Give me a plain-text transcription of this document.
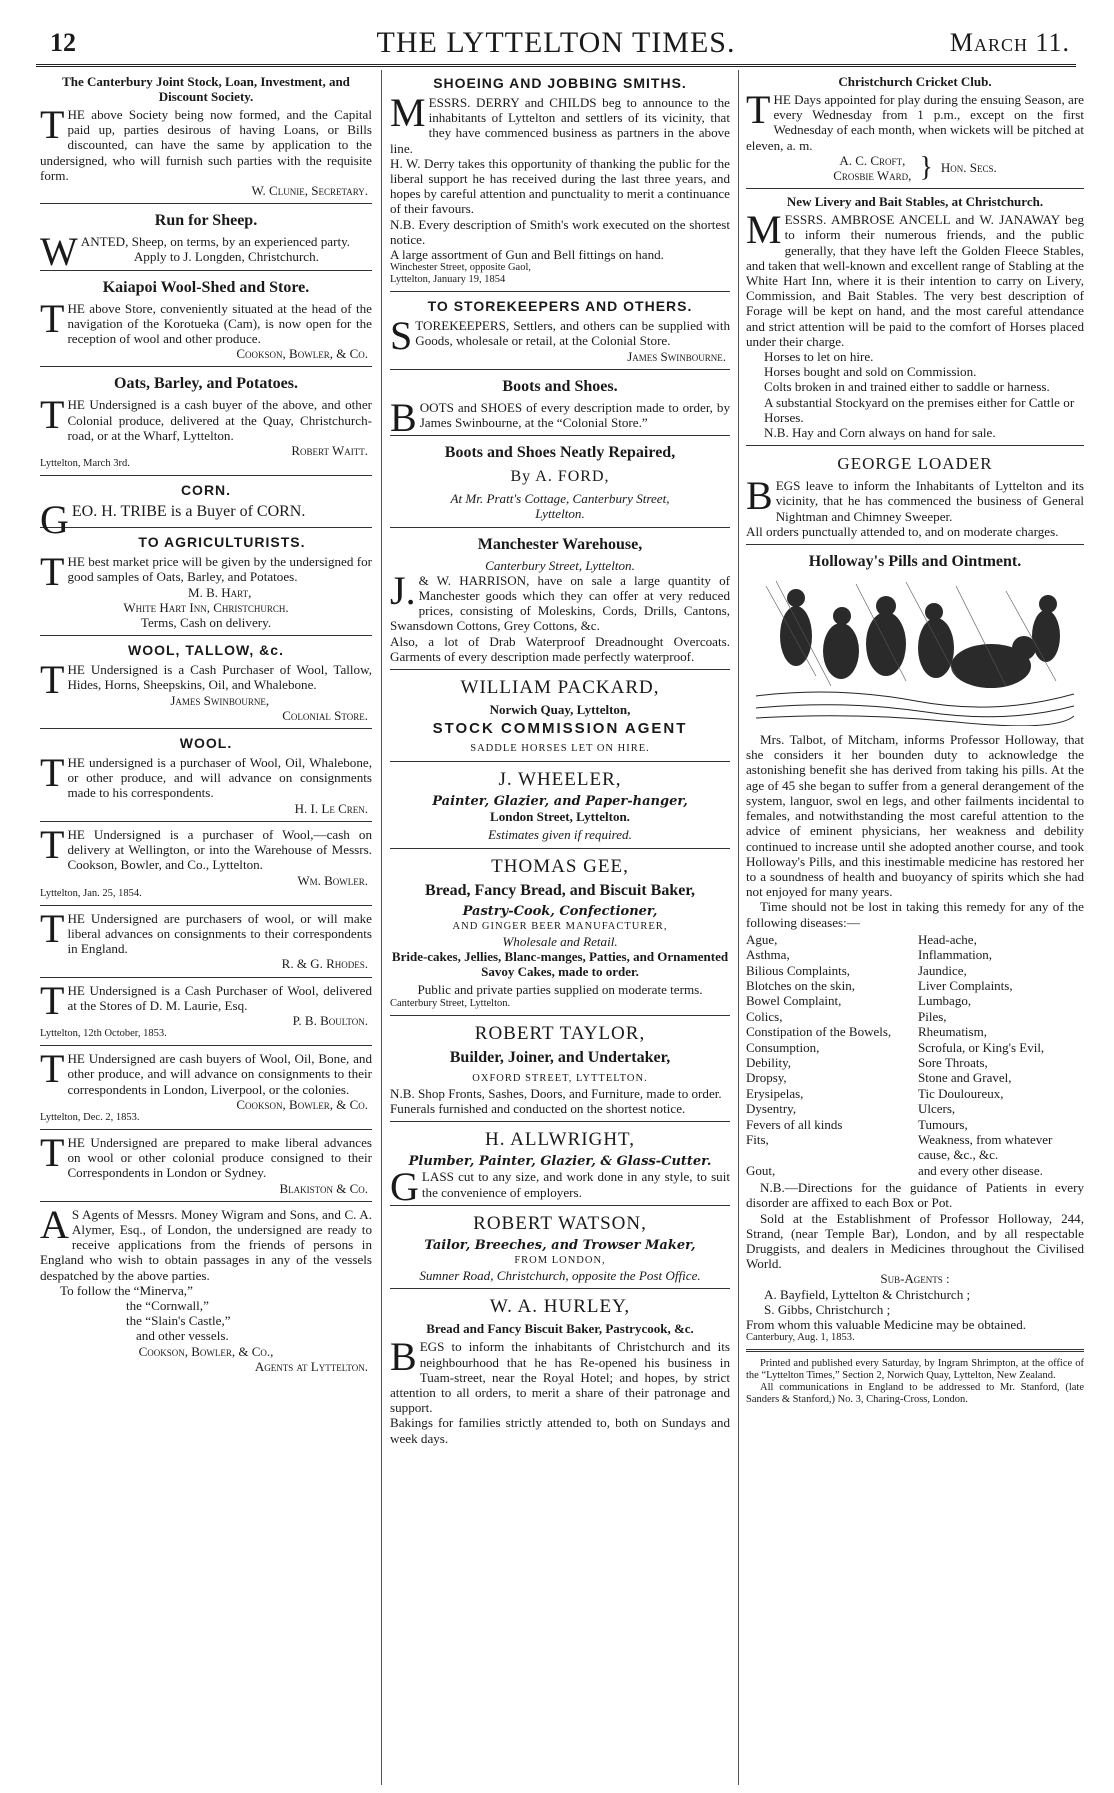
12	THE LYTTELTON TIMES.	March 11.
The Canterbury Joint Stock, Loan, Investment, and Discount Society.
THE above Society being now formed, and the Capital paid up, parties desirous of having Loans, or Bills discounted, can have the same by application to the undersigned, who will furnish such parties with the requisite form.
W. Clunie, Secretary.
Run for Sheep.
WANTED, Sheep, on terms, by an experienced party.
Apply to J. Longden, Christchurch.
Kaiapoi Wool-Shed and Store.
THE above Store, conveniently situated at the head of the navigation of the Korotueka (Cam), is now open for the reception of wool and other produce.
Cookson, Bowler, & Co.
Oats, Barley, and Potatoes.
THE Undersigned is a cash buyer of the above, and other Colonial produce, delivered at the Quay, Christchurch-road, or at the Wharf, Lyttelton.
Robert Waitt.
Lyttelton, March 3rd.
CORN.
GEO. H. TRIBE is a Buyer of CORN.
TO AGRICULTURISTS.
THE best market price will be given by the undersigned for good samples of Oats, Barley, and Potatoes.
M. B. Hart,
White Hart Inn, Christchurch.
Terms, Cash on delivery.
WOOL, TALLOW, &c.
THE Undersigned is a Cash Purchaser of Wool, Tallow, Hides, Horns, Sheepskins, Oil, and Whalebone.
James Swinbourne,
Colonial Store.
WOOL.
THE undersigned is a purchaser of Wool, Oil, Whalebone, or other produce, and will advance on consignments made to his correspondents.
H. I. Le Cren.
THE Undersigned is a purchaser of Wool,—cash on delivery at Wellington, or into the Warehouse of Messrs. Cookson, Bowler, and Co., Lyttelton.
Wm. Bowler.
Lyttelton, Jan. 25, 1854.
THE Undersigned are purchasers of wool, or will make liberal advances on consignments to their correspondents in England.
R. & G. Rhodes.
THE Undersigned is a Cash Purchaser of Wool, delivered at the Stores of D. M. Laurie, Esq.
P. B. Boulton.
Lyttelton, 12th October, 1853.
THE Undersigned are cash buyers of Wool, Oil, Bone, and other produce, and will advance on consignments to their correspondents in London, Liverpool, or the colonies.
Cookson, Bowler, & Co.
Lyttelton, Dec. 2, 1853.
THE Undersigned are prepared to make liberal advances on wool or other colonial produce consigned to their Correspondents in London or Sydney.
Blakiston & Co.
AS Agents of Messrs. Money Wigram and Sons, and C. A. Alymer, Esq., of London, the undersigned are ready to receive applications from the friends of persons in England who wish to obtain passages in any of the vessels despatched by the above parties.
To follow the “Minerva,”
the “Cornwall,”
the “Slain's Castle,”
and other vessels.
Cookson, Bowler, & Co.,
Agents at Lyttelton.
SHOEING AND JOBBING SMITHS.
MESSRS. DERRY and CHILDS beg to announce to the inhabitants of Lyttelton and settlers of its vicinity, that they have commenced business as partners in the above line.
H. W. Derry takes this opportunity of thanking the public for the liberal support he has received during the last three years, and hopes by careful attention and punctuality to merit a continuance of their favours.
N.B. Every description of Smith's work executed on the shortest notice.
A large assortment of Gun and Bell fittings on hand.
Winchester Street, opposite Gaol,
Lyttelton, January 19, 1854
TO STOREKEEPERS AND OTHERS.
STOREKEEPERS, Settlers, and others can be supplied with Goods, wholesale or retail, at the Colonial Store.
James Swinbourne.
Boots and Shoes.
BOOTS and SHOES of every description made to order, by James Swinbourne, at the “Colonial Store.”
Boots and Shoes Neatly Repaired,
By A. FORD,
At Mr. Pratt's Cottage, Canterbury Street,
Lyttelton.
Manchester Warehouse,
Canterbury Street, Lyttelton.
J.& W. HARRISON, have on sale a large quantity of Manchester goods which they can offer at very reduced prices, consisting of Moleskins, Cords, Drills, Cantons, Swansdown Cottons, Grey Cottons, &c.
Also, a lot of Drab Waterproof Dreadnought Overcoats. Garments of every description made perfectly waterproof.
WILLIAM PACKARD,
Norwich Quay, Lyttelton,
STOCK COMMISSION AGENT
SADDLE HORSES LET ON HIRE.
J. WHEELER,
Painter, Glazier, and Paper-hanger,
London Street, Lyttelton.
Estimates given if required.
THOMAS GEE,
Bread, Fancy Bread, and Biscuit Baker,
Pastry-Cook, Confectioner,
AND GINGER BEER MANUFACTURER,
Wholesale and Retail.
Bride-cakes, Jellies, Blanc-manges, Patties, and Ornamented Savoy Cakes, made to order.
Public and private parties supplied on moderate terms.
Canterbury Street, Lyttelton.
ROBERT TAYLOR,
Builder, Joiner, and Undertaker,
OXFORD STREET, LYTTELTON.
N.B. Shop Fronts, Sashes, Doors, and Furniture, made to order.
Funerals furnished and conducted on the shortest notice.
H. ALLWRIGHT,
Plumber, Painter, Glazier, & Glass-Cutter.
GLASS cut to any size, and work done in any style, to suit the convenience of employers.
ROBERT WATSON,
Tailor, Breeches, and Trowser Maker,
FROM LONDON,
Sumner Road, Christchurch, opposite the Post Office.
W. A. HURLEY,
Bread and Fancy Biscuit Baker, Pastrycook, &c.
BEGS to inform the inhabitants of Christchurch and its neighbourhood that he has Re-opened his business in Tuam-street, near the Royal Hotel; and hopes, by strict attention to all orders, to merit a share of their patronage and support.
Bakings for families strictly attended to, both on Sundays and week days.
Christchurch Cricket Club.
THE Days appointed for play during the ensuing Season, are every Wednesday from 1 p.m., except on the first Wednesday of each month, when wickets will be pitched at eleven, a. m.
A. C. Croft,
Crosbie Ward, } Hon. Secs.
New Livery and Bait Stables, at Christchurch.
MESSRS. AMBROSE ANCELL and W. JANAWAY beg to inform their numerous friends, and the public generally, that they have left the Golden Fleece Stables, and taken that well-known and excellent range of Stabling at the White Hart Inn, where it is their intention to carry on Livery, Commission, and Bait Stables. The very best description of Forage will be kept on hand, and the most careful attendance and strict attention will be paid to the comfort of Horses placed under their charge.
Horses to let on hire.
Horses bought and sold on Commission.
Colts broken in and trained either to saddle or harness.
A substantial Stockyard on the premises either for Cattle or Horses.
N.B. Hay and Corn always on hand for sale.
GEORGE LOADER
BEGS leave to inform the Inhabitants of Lyttelton and its vicinity, that he has commenced the business of General Nightman and Chimney Sweeper.
All orders punctually attended to, and on moderate charges.
Holloway's Pills and Ointment.
Mrs. Talbot, of Mitcham, informs Professor Holloway, that she considers it her bounden duty to acknowledge the astonishing benefit she has derived from taking his pills. At the age of 45 she began to suffer from a general derangement of the system, languor, swol en legs, and other failments incidental to females, and notwithstanding the most careful attention to the advice of eminent physicians, her weakness and debility continued to increase until she adopted another course, and took Holloway's Pills, and this inestimable medicine has restored her to a soundness of health and buoyancy of spirits which she had not enjoyed for many years.
Time should not be lost in taking this remedy for any of the following diseases:—
Ague,	Head-ache,
Asthma,	Inflammation,
Bilious Complaints,	Jaundice,
Blotches on the skin,	Liver Complaints,
Bowel Complaint,	Lumbago,
Colics,	Piles,
Constipation of the Bowels,	Rheumatism,
Consumption,	Scrofula, or King's Evil,
Debility,	Sore Throats,
Dropsy,	Stone and Gravel,
Erysipelas,	Tic Douloureux,
Dysentry,	Ulcers,
Fevers of all kinds	Tumours,
Fits,	Weakness, from whatever cause, &c., &c.
Gout,	and every other disease.
N.B.—Directions for the guidance of Patients in every disorder are affixed to each Box or Pot.
Sold at the Establishment of Professor Holloway, 244, Strand, (near Temple Bar), London, and by all respectable Druggists, and dealers in Medicines throughout the Civilised World.
Sub-Agents :
A. Bayfield, Lyttelton & Christchurch ;
S. Gibbs, Christchurch ;
From whom this valuable Medicine may be obtained.
Canterbury, Aug. 1, 1853.
Printed and published every Saturday, by Ingram Shrimpton, at the office of the “Lyttelton Times,” Section 2, Norwich Quay, Lyttelton, New Zealand.
All communications in England to be addressed to Mr. Stanford, (late Sanders & Stanford,) No. 3, Charing-Cross, London.
